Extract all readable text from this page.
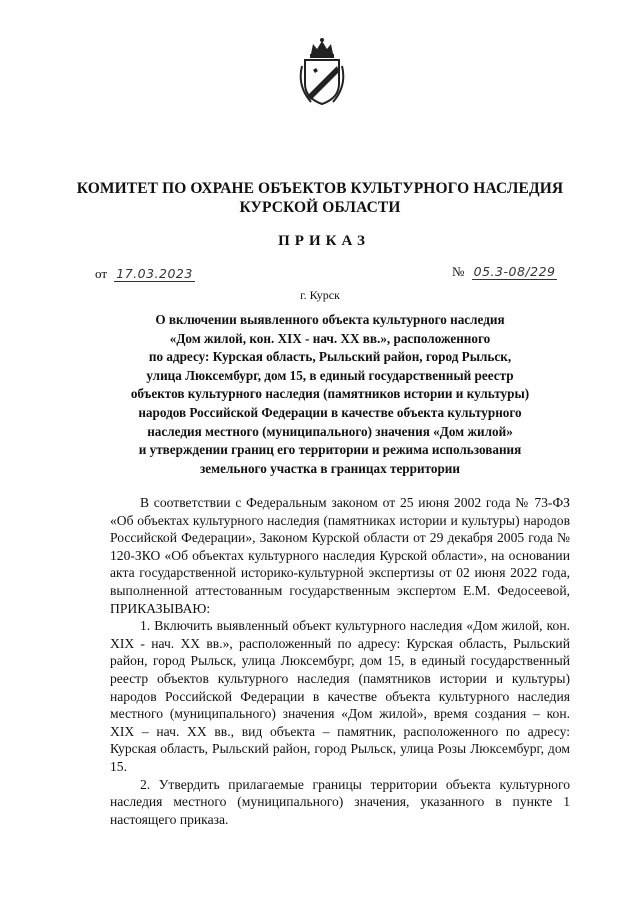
КОМИТЕТ ПО ОХРАНЕ ОБЪЕКТОВ КУЛЬТУРНОГО НАСЛЕДИЯ
КУРСКОЙ ОБЛАСТИ
ПРИКАЗ
от 17.03.2023	№ 05.3-08/229
г. Курск
О включении выявленного объекта культурного наследия
«Дом жилой, кон. XIX - нач. XX вв.», расположенного
по адресу: Курская область, Рыльский район, город Рыльск,
улица Люксембург, дом 15, в единый государственный реестр
объектов культурного наследия (памятников истории и культуры)
народов Российской Федерации в качестве объекта культурного
наследия местного (муниципального) значения «Дом жилой»
и утверждении границ его территории и режима использования
земельного участка в границах территории

В соответствии с Федеральным законом от 25 июня 2002 года № 73-ФЗ «Об объектах культурного наследия (памятниках истории и культуры) народов Российской Федерации», Законом Курской области от 29 декабря 2005 года № 120-ЗКО «Об объектах культурного наследия Курской области», на основании акта государственной историко-культурной экспертизы от 02 июня 2022 года, выполненной аттестованным государственным экспертом Е.М. Федосеевой, ПРИКАЗЫВАЮ:

1. Включить выявленный объект культурного наследия «Дом жилой, кон. XIX - нач. XX вв.», расположенный по адресу: Курская область, Рыльский район, город Рыльск, улица Люксембург, дом 15, в единый государственный реестр объектов культурного наследия (памятников истории и культуры) народов Российской Федерации в качестве объекта культурного наследия местного (муниципального) значения «Дом жилой», время создания – кон. XIX – нач. XX вв., вид объекта – памятник, расположенного по адресу: Курская область, Рыльский район, город Рыльск, улица Розы Люксембург, дом 15.

2. Утвердить прилагаемые границы территории объекта культурного наследия местного (муниципального) значения, указанного в пункте 1 настоящего приказа.
